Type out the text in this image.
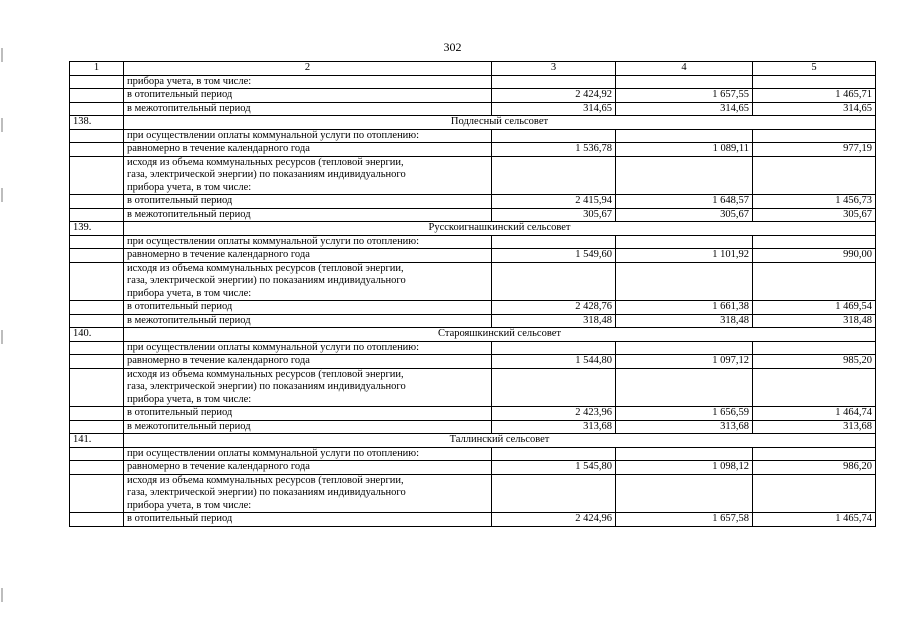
302
1	2	3	4	5
	прибора учета, в том числе:			
	в отопительный период	2 424,92	1 657,55	1 465,71
	в межотопительный период	314,65	314,65	314,65
138.	Подлесный сельсовет			
	при осуществлении оплаты коммунальной услуги по отоплению:			
	равномерно в течение календарного года	1 536,78	1 089,11	977,19

	исходя из объема коммунальных ресурсов (тепловой энергии,
газа, электрической энергии) по показаниям индивидуального
прибора учета, в том числе:			

	в отопительный период	2 415,94	1 648,57	1 456,73
	в межотопительный период	305,67	305,67	305,67
139.	Русскоигнашкинский сельсовет			
	при осуществлении оплаты коммунальной услуги по отоплению:			
	равномерно в течение календарного года	1 549,60	1 101,92	990,00

	исходя из объема коммунальных ресурсов (тепловой энергии,
газа, электрической энергии) по показаниям индивидуального
прибора учета, в том числе:			

	в отопительный период	2 428,76	1 661,38	1 469,54
	в межотопительный период	318,48	318,48	318,48
140.	Старояшкинский сельсовет			
	при осуществлении оплаты коммунальной услуги по отоплению:			
	равномерно в течение календарного года	1 544,80	1 097,12	985,20

	исходя из объема коммунальных ресурсов (тепловой энергии,
газа, электрической энергии) по показаниям индивидуального
прибора учета, в том числе:			

	в отопительный период	2 423,96	1 656,59	1 464,74
	в межотопительный период	313,68	313,68	313,68
141.	Таллинский сельсовет			
	при осуществлении оплаты коммунальной услуги по отоплению:			
	равномерно в течение календарного года	1 545,80	1 098,12	986,20

	исходя из объема коммунальных ресурсов (тепловой энергии,
газа, электрической энергии) по показаниям индивидуального
прибора учета, в том числе:			

	в отопительный период	2 424,96	1 657,58	1 465,74
